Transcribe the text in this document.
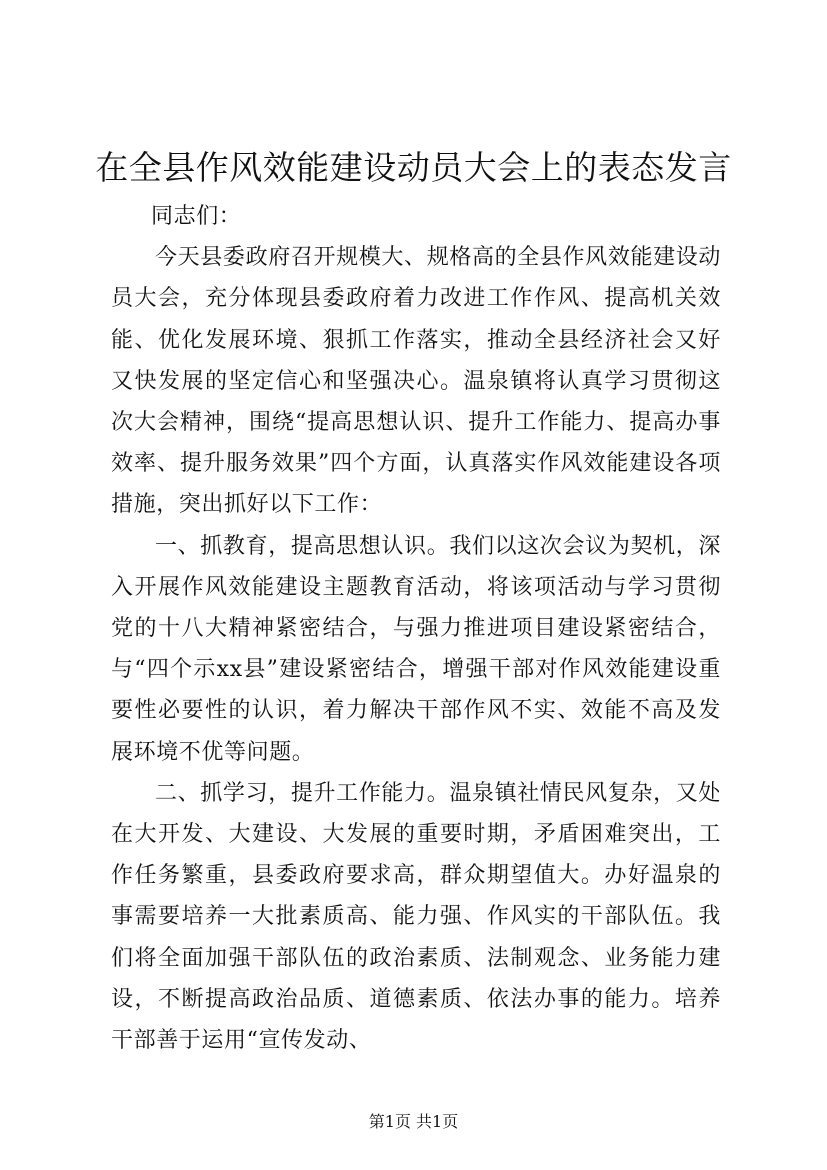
在全县作风效能建设动员大会上的表态发言

同志们：

今天县委政府召开规模大、规格高的全县作风效能建设动员大会，充分体现县委政府着力改进工作作风、提高机关效能、优化发展环境、狠抓工作落实，推动全县经济社会又好又快发展的坚定信心和坚强决心。温泉镇将认真学习贯彻这次大会精神，围绕“提高思想认识、提升工作能力、提高办事效率、提升服务效果”四个方面，认真落实作风效能建设各项措施，突出抓好以下工作：

一、抓教育，提高思想认识。我们以这次会议为契机，深入开展作风效能建设主题教育活动，将该项活动与学习贯彻党的十八大精神紧密结合，与强力推进项目建设紧密结合，与“四个示xx县”建设紧密结合，增强干部对作风效能建设重要性必要性的认识，着力解决干部作风不实、效能不高及发展环境不优等问题。

二、抓学习，提升工作能力。温泉镇社情民风复杂，又处在大开发、大建设、大发展的重要时期，矛盾困难突出，工作任务繁重，县委政府要求高，群众期望值大。办好温泉的事需要培养一大批素质高、能力强、作风实的干部队伍。我们将全面加强干部队伍的政治素质、法制观念、业务能力建设，不断提高政治品质、道德素质、依法办事的能力。培养干部善于运用“宣传发动、

第1页 共1页
